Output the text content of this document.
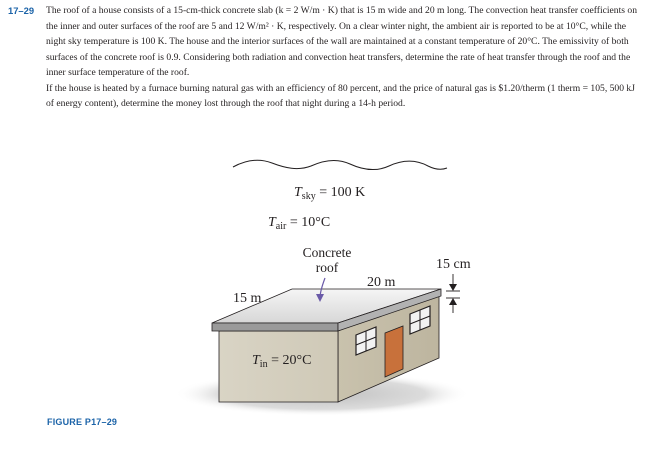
17–29 The roof of a house consists of a 15-cm-thick concrete slab (k = 2 W/m · K) that is 15 m wide and 20 m long. The convection heat transfer coefficients on the inner and outer surfaces of the roof are 5 and 12 W/m² · K, respectively. On a clear winter night, the ambient air is reported to be at 10°C, while the night sky temperature is 100 K. The house and the interior surfaces of the wall are maintained at a constant temperature of 20°C. The emissivity of both surfaces of the concrete roof is 0.9. Considering both radiation and convection heat transfers, determine the rate of heat transfer through the roof and the inner surface temperature of the roof.

If the house is heated by a furnace burning natural gas with an efficiency of 80 percent, and the price of natural gas is $1.20/therm (1 therm = 105, 500 kJ of energy content), determine the money lost through the roof that night during a 14-h period.

$T_{sky} = 100$ K
$T_{air} = 10^\circ C$
Concrete
roof
15 m
20 m
15 cm
$T_{in} = 20^\circ C$
FIGURE P17–29
